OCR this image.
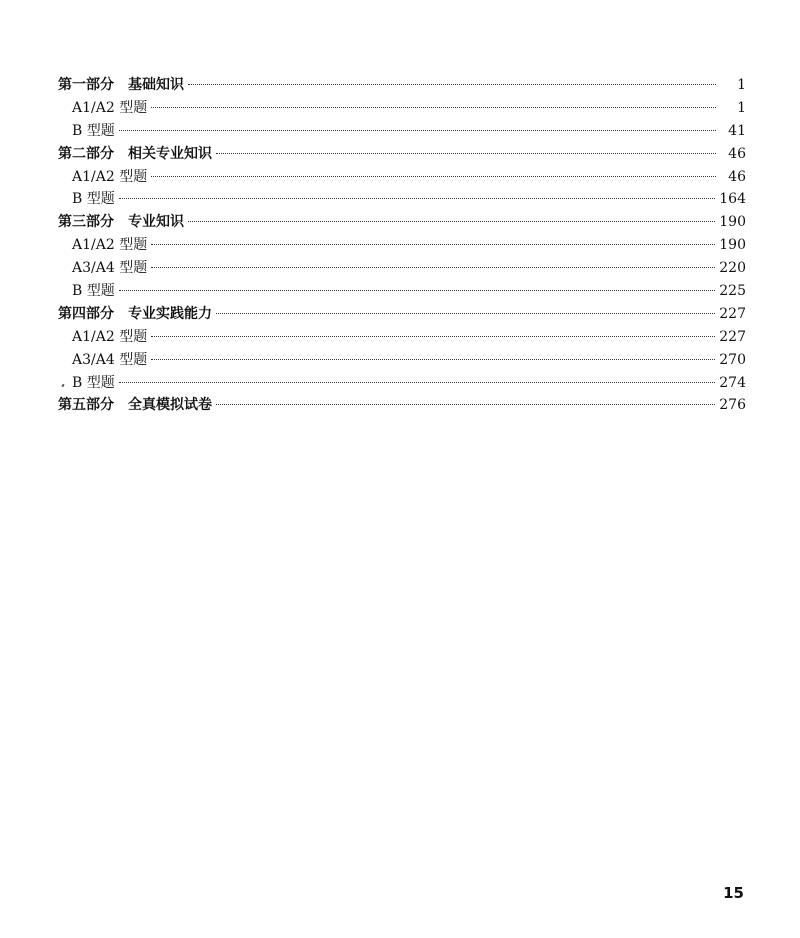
第一部分 基础知识	1
A1/A2 型题	1
B 型题	41
第二部分 相关专业知识	46
A1/A2 型题	46
B 型题	164
第三部分 专业知识	190
A1/A2 型题	190
A3/A4 型题	220
B 型题	225
第四部分 专业实践能力	227
A1/A2 型题	227
A3/A4 型题	270
B 型题	274
第五部分 全真模拟试卷	276
15
